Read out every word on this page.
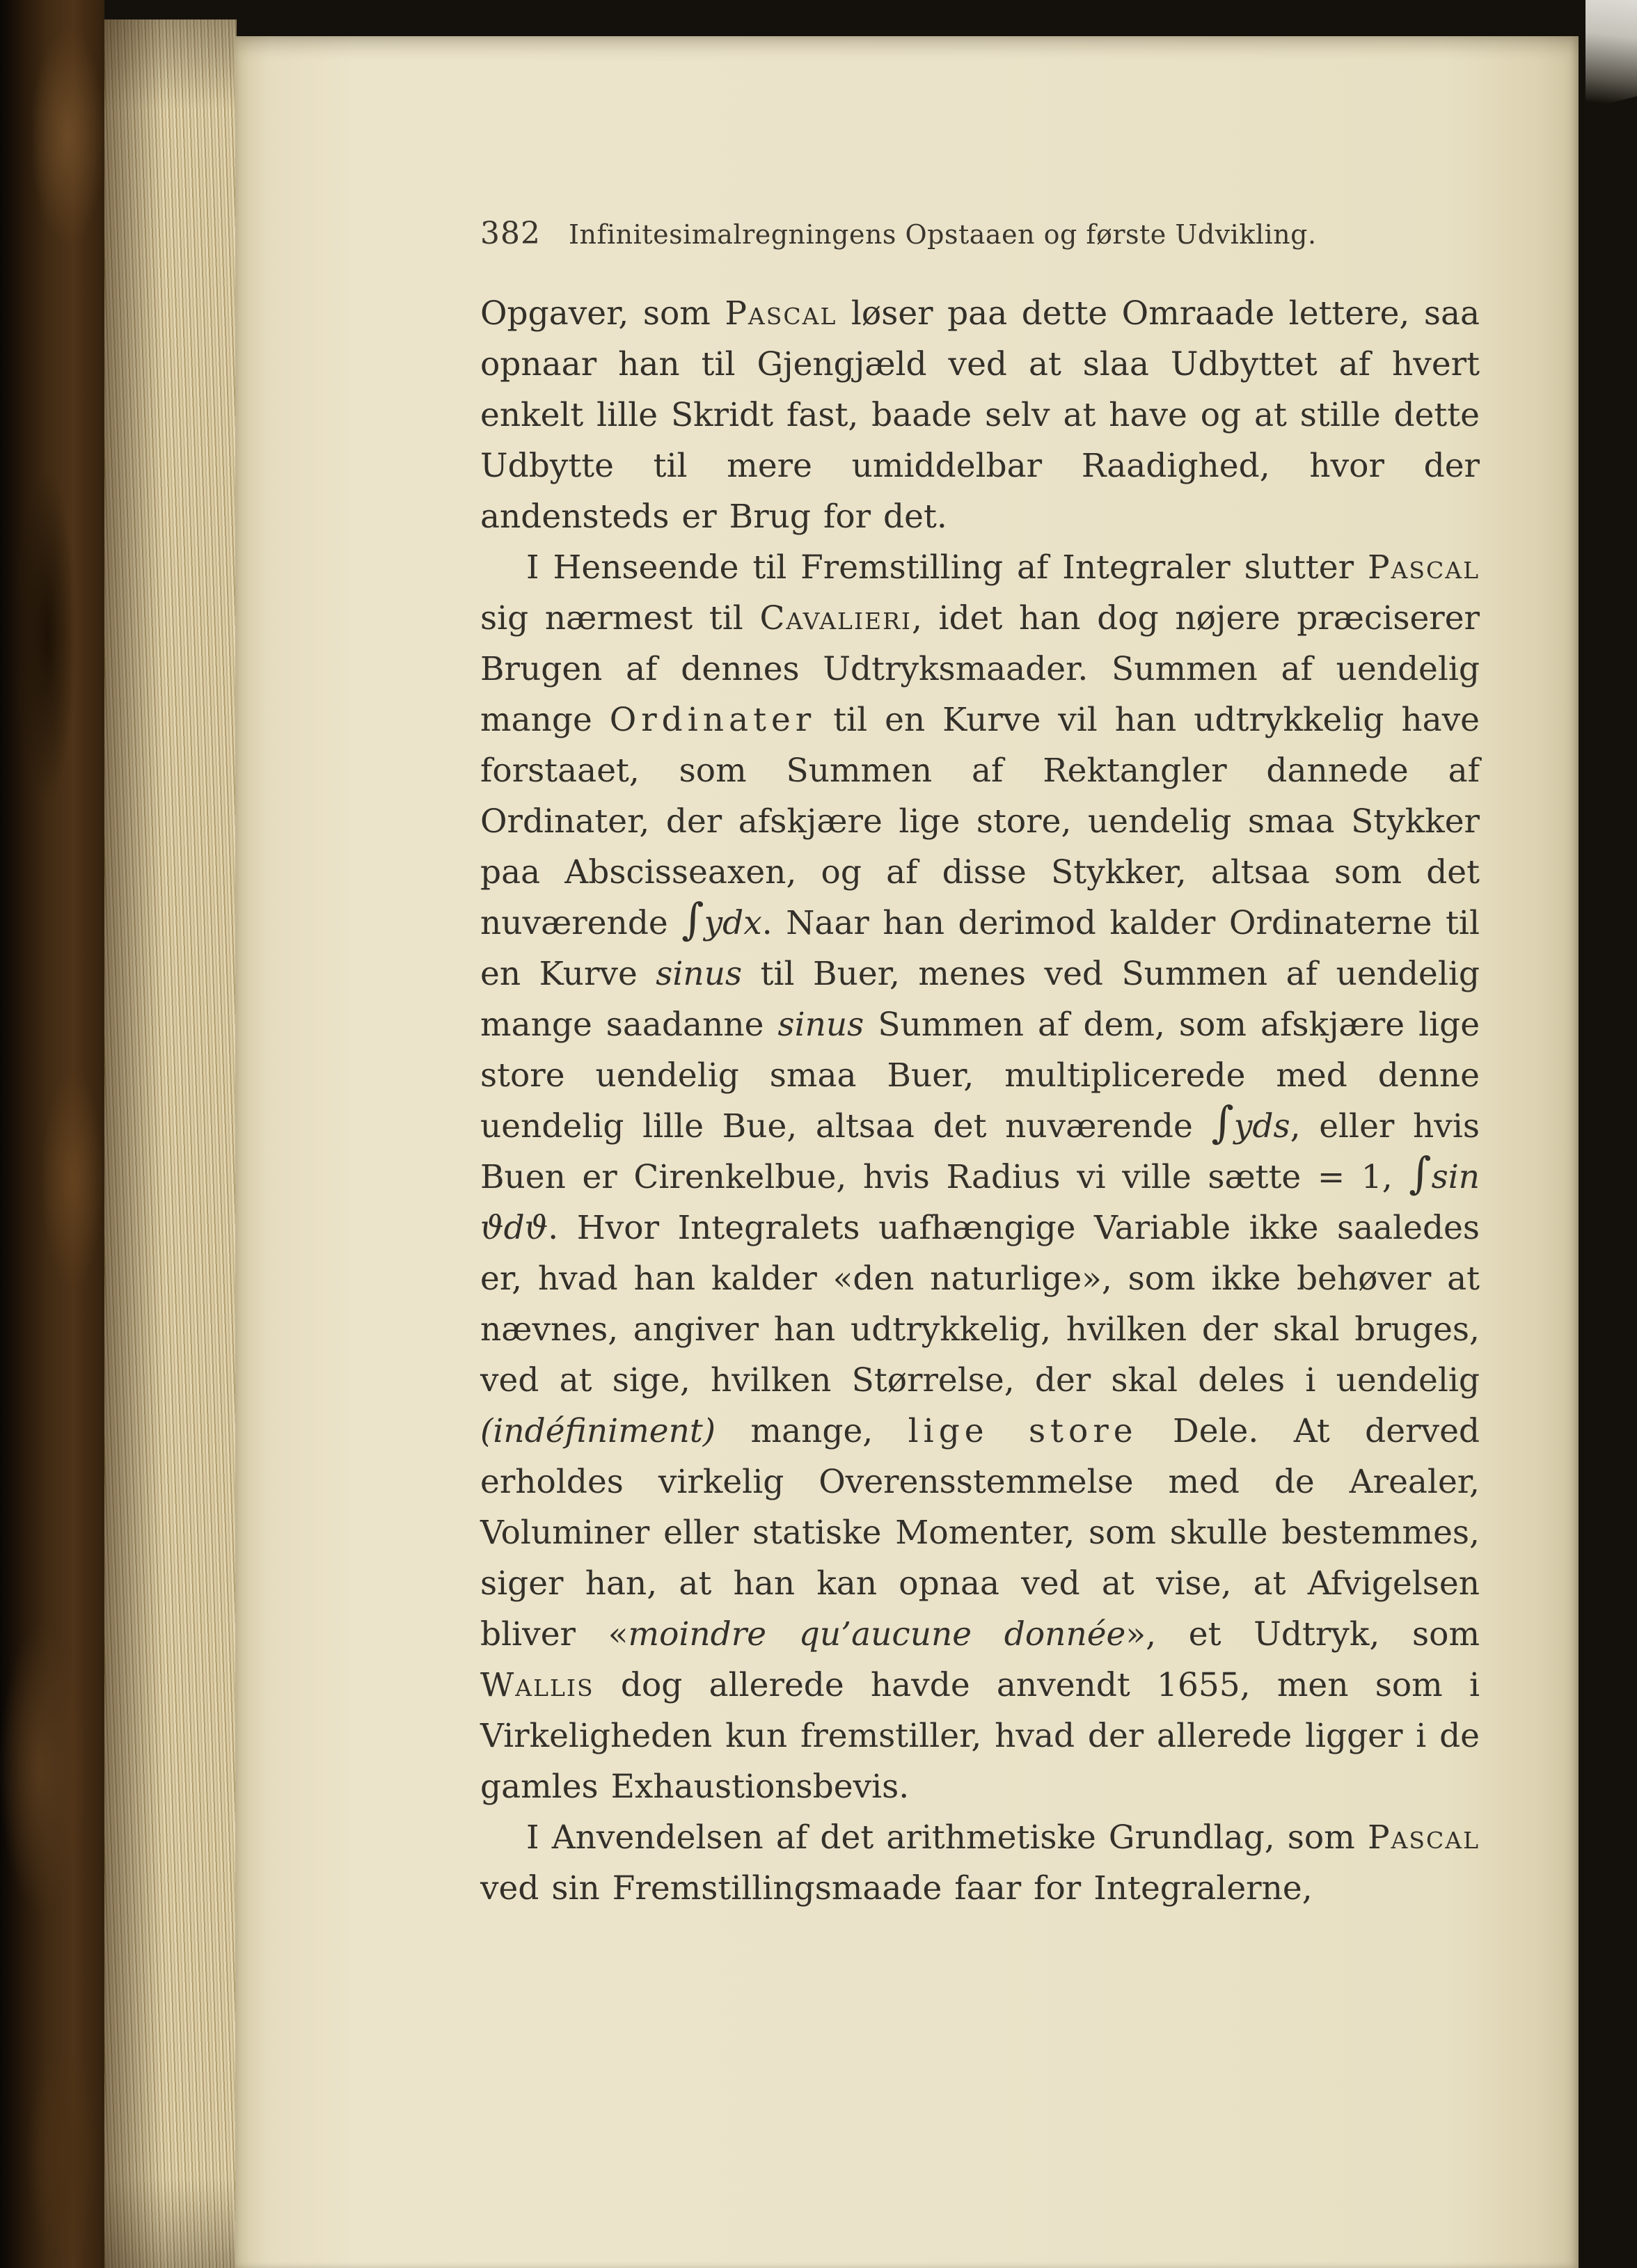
382 Infinitesimalregningens Opstaaen og første Udvikling.

Opgaver, som Pascal løser paa dette Omraade lettere, saa opnaar han til Gjengjæld ved at slaa Udbyttet af hvert enkelt lille Skridt fast, baade selv at have og at stille dette Udbytte til mere umiddelbar Raadighed, hvor der andensteds er Brug for det.

I Henseende til Fremstilling af Integraler slutter Pascal sig nærmest til Cavalieri, idet han dog nøjere præciserer Brugen af dennes Udtryksmaader. Summen af uendelig mange Ordinater til en Kurve vil han udtrykkelig have forstaaet, som Summen af Rektangler dannede af Ordinater, der afskjære lige store, uendelig smaa Stykker paa Abscisseaxen, og af disse Stykker, altsaa som det nuværende ∫ydx. Naar han derimod kalder Ordinaterne til en Kurve sinus til Buer, menes ved Summen af uendelig mange saadanne sinus Summen af dem, som afskjære lige store uendelig smaa Buer, multiplicerede med denne uendelig lille Bue, altsaa det nuværende ∫yds, eller hvis Buen er Cirenkelbue, hvis Radius vi ville sætte = 1, ∫sin ϑdϑ. Hvor Integralets uafhængige Variable ikke saaledes er, hvad han kalder «den naturlige», som ikke behøver at nævnes, angiver han udtrykkelig, hvilken der skal bruges, ved at sige, hvilken Størrelse, der skal deles i uendelig (indéfiniment) mange, lige store Dele. At derved erholdes virkelig Overensstemmelse med de Arealer, Voluminer eller statiske Momenter, som skulle bestemmes, siger han, at han kan opnaa ved at vise, at Afvigelsen bliver «moindre qu’aucune donnée», et Udtryk, som Wallis dog allerede havde anvendt 1655, men som i Virkeligheden kun fremstiller, hvad der allerede ligger i de gamles Exhaustionsbevis.

I Anvendelsen af det arithmetiske Grundlag, som Pascal ved sin Fremstillingsmaade faar for Integralerne,
